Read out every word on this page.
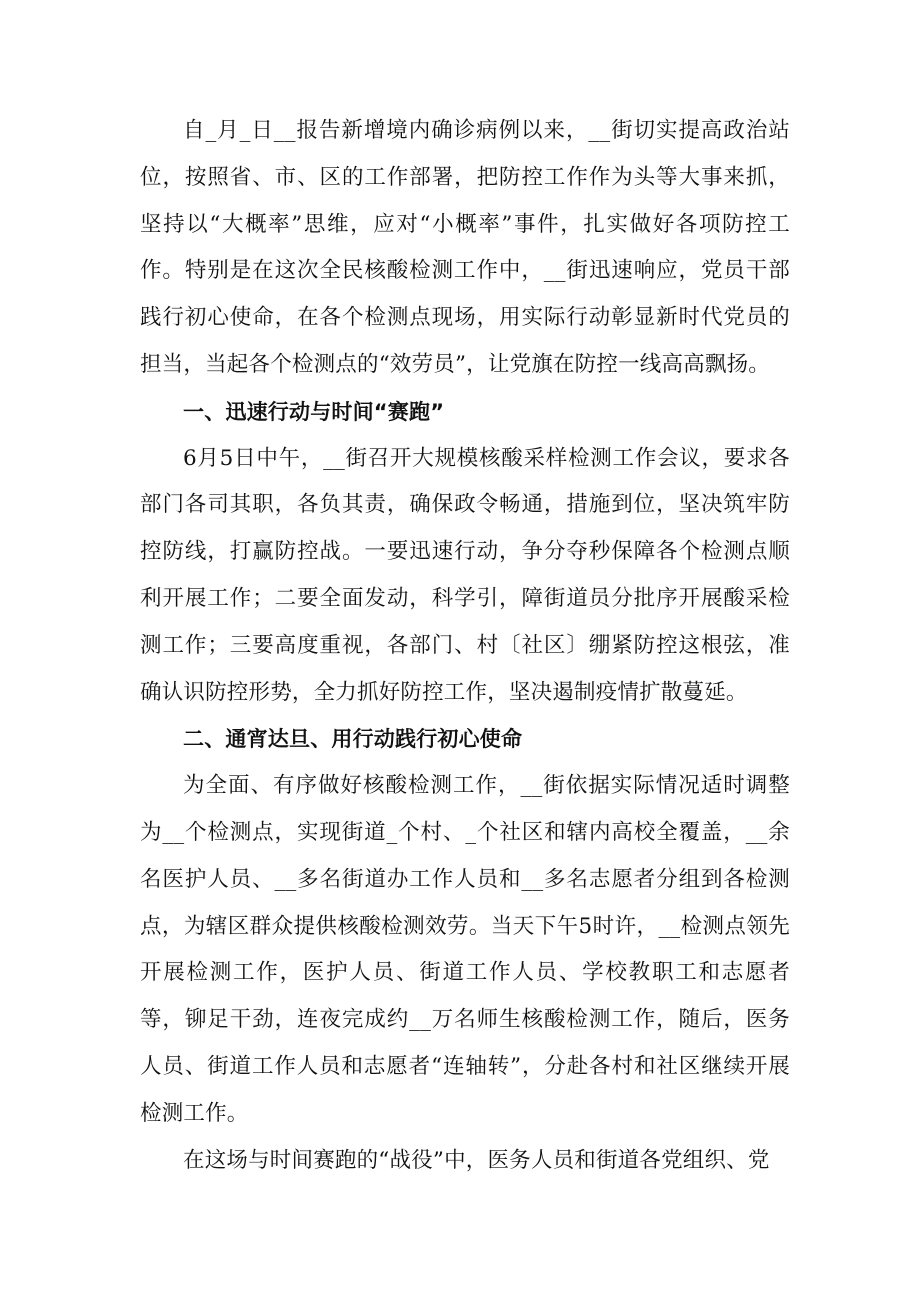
自_月_日__报告新增境内确诊病例以来，__街切实提高政治站位，按照省、市、区的工作部署，把防控工作作为头等大事来抓，坚持以“大概率”思维，应对“小概率”事件，扎实做好各项防控工作。特别是在这次全民核酸检测工作中，__街迅速响应，党员干部践行初心使命，在各个检测点现场，用实际行动彰显新时代党员的担当，当起各个检测点的“效劳员”，让党旗在防控一线高高飘扬。

一、迅速行动与时间“赛跑”

6月5日中午，__街召开大规模核酸采样检测工作会议，要求各部门各司其职，各负其责，确保政令畅通，措施到位，坚决筑牢防控防线，打赢防控战。一要迅速行动，争分夺秒保障各个检测点顺利开展工作；二要全面发动，科学引，障街道员分批序开展酸采检测工作；三要高度重视，各部门、村〔社区〕绷紧防控这根弦，准确认识防控形势，全力抓好防控工作，坚决遏制疫情扩散蔓延。

二、通宵达旦、用行动践行初心使命

为全面、有序做好核酸检测工作，__街依据实际情况适时调整为__个检测点，实现街道_个村、_个社区和辖内高校全覆盖，__余名医护人员、__多名街道办工作人员和__多名志愿者分组到各检测点，为辖区群众提供核酸检测效劳。当天下午5时许，__检测点领先开展检测工作，医护人员、街道工作人员、学校教职工和志愿者等，铆足干劲，连夜完成约__万名师生核酸检测工作，随后，医务人员、街道工作人员和志愿者“连轴转”，分赴各村和社区继续开展检测工作。

在这场与时间赛跑的“战役”中，医务人员和街道各党组织、党
